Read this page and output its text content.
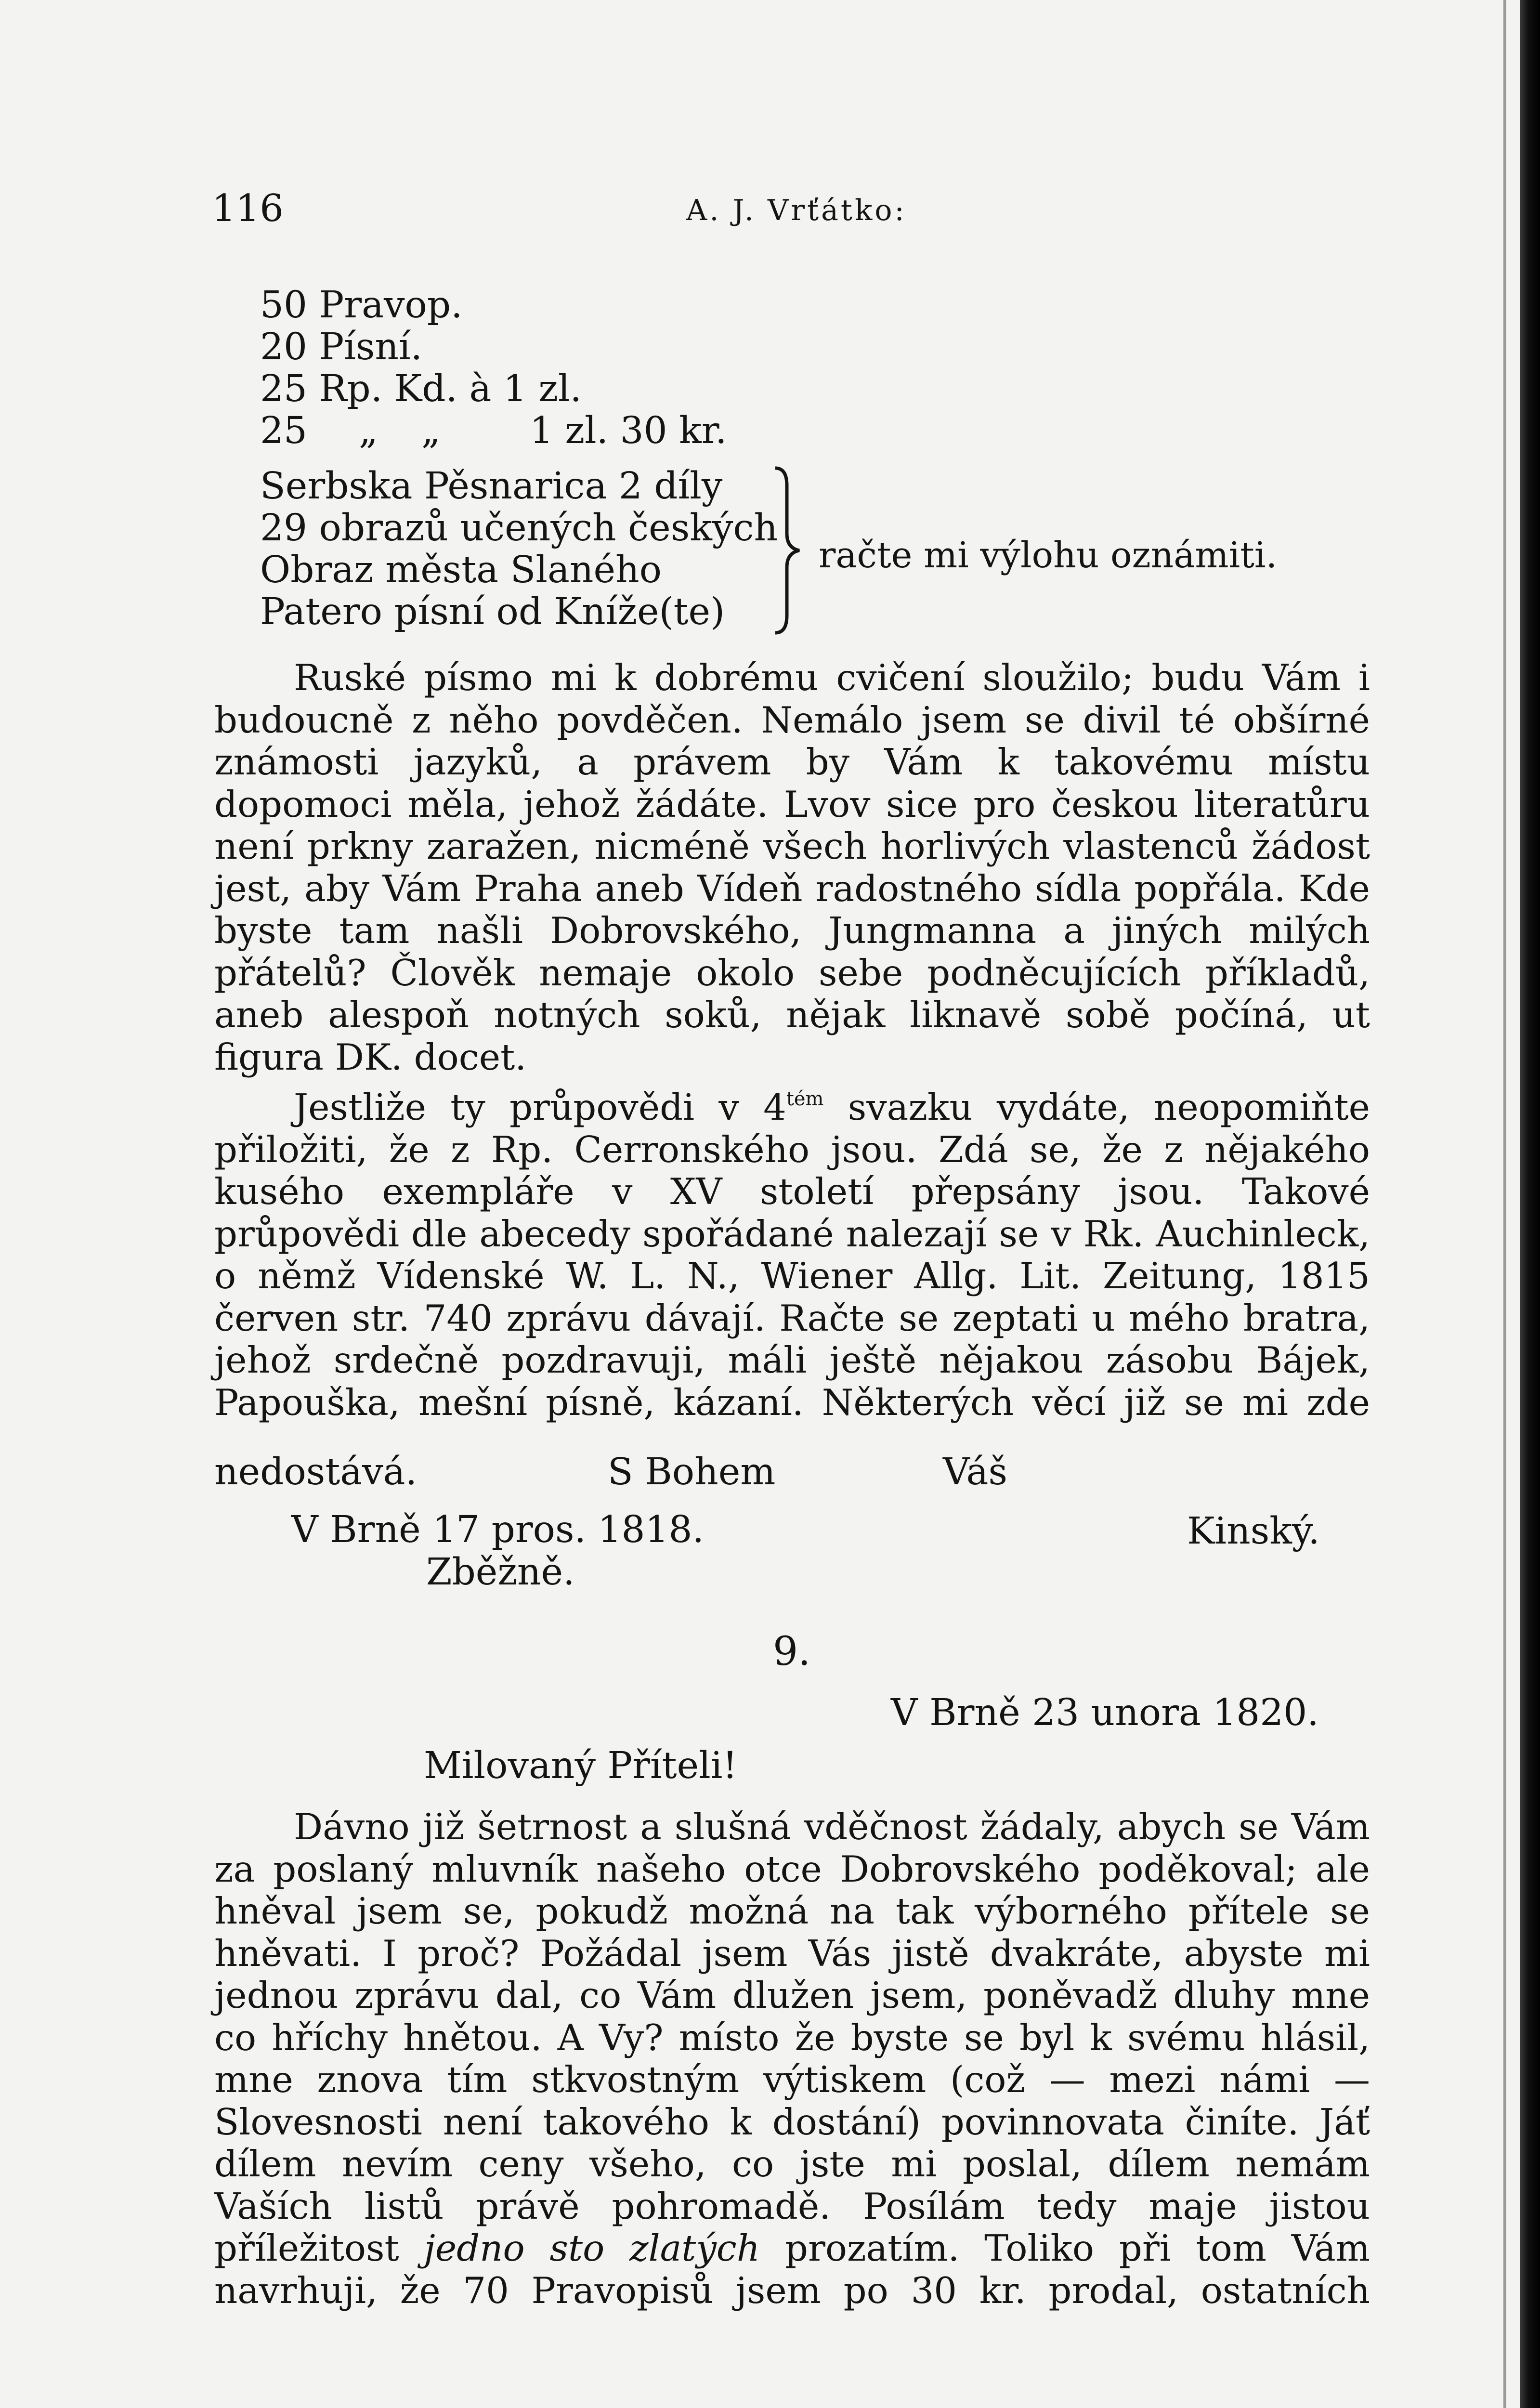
116	A. J. Vrťátko:
50 Pravop.
20 Písní.
25 Rp. Kd. à 1 zl.
25 „ „ 1 zl. 30 kr.
Serbska Pěsnarica 2 díly
29 obrazů učených českých
Obraz města Slaného
Patero písní od Kníže(te)
račte mi výlohu oznámiti.

Ruské písmo mi k dobrému cvičení sloužilo; budu Vám i budoucně z něho povděčen. Nemálo jsem se divil té obšírné známosti jazyků, a právem by Vám k takovému místu dopomoci měla, jehož žádáte. Lvov sice pro českou literatůru není prkny zaražen, nicméně všech horlivých vlastenců žádost jest, aby Vám Praha aneb Vídeň radostného sídla popřála. Kde byste tam našli Dobrovského, Jungmanna a jiných milých přátelů? Člověk nemaje okolo sebe podněcujících příkladů, aneb alespoň notných soků, nějak liknavě sobě počíná, ut figura DK. docet.

Jestliže ty průpovědi v $4^{tém}$ svazku vydáte, neopomiňte přiložiti, že z Rp. Cerronského jsou. Zdá se, že z nějakého kusého exempláře v XV století přepsány jsou. Takové průpovědi dle abecedy spořádané nalezají se v Rk. Auchinleck, o němž Vídenské W. L. N., Wiener Allg. Lit. Zeitung, 1815 červen str. 740 zprávu dávají. Račte se zeptati u mého bratra, jehož srdečně pozdravuji, máli ještě nějakou zásobu Bájek, Papouška, mešní písně, kázaní. Některých věcí již se mi zde

nedostává.	S Bohem	Váš
V Brně 17 pros. 1818.	Kinský.
Zběžně.
9.
V Brně 23 unora 1820.
Milovaný Příteli!

Dávno již šetrnost a slušná vděčnost žádaly, abych se Vám za poslaný mluvník našeho otce Dobrovského poděkoval; ale hněval jsem se, pokudž možná na tak výborného přítele se hněvati. I proč? Požádal jsem Vás jistě dvakráte, abyste mi jednou zprávu dal, co Vám dlužen jsem, poněvadž dluhy mne co hříchy hnětou. A Vy? místo že byste se byl k svému hlásil, mne znova tím stkvostným výtiskem (což — mezi námi — Slovesnosti není takového k dostání) povinnovata činíte. Jáť dílem nevím ceny všeho, co jste mi poslal, dílem nemám Vaších listů právě pohromadě. Posílám tedy maje jistou příležitost jedno sto zlatých prozatím. Toliko při tom Vám navrhuji, že 70 Pravopisů jsem po 30 kr. prodal, ostatních
